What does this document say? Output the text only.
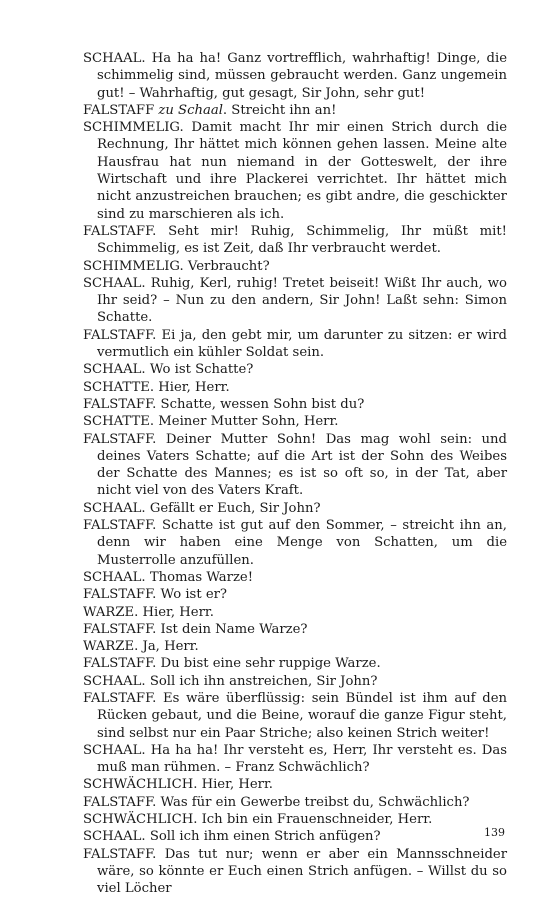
SCHAAL. Ha ha ha! Ganz vortrefflich, wahrhaftig! Dinge, die schimmelig sind, müssen gebraucht werden. Ganz ungemein gut! – Wahrhaftig, gut gesagt, Sir John, sehr gut!

FALSTAFF zu Schaal. Streicht ihn an!

SCHIMMELIG. Damit macht Ihr mir einen Strich durch die Rechnung, Ihr hättet mich können gehen lassen. Meine alte Hausfrau hat nun niemand in der Gotteswelt, der ihre Wirtschaft und ihre Plackerei verrichtet. Ihr hättet mich nicht anzustreichen brauchen; es gibt andre, die geschickter sind zu marschieren als ich.

FALSTAFF. Seht mir! Ruhig, Schimmelig, Ihr müßt mit! Schimmelig, es ist Zeit, daß Ihr verbraucht werdet.

SCHIMMELIG. Verbraucht?

SCHAAL. Ruhig, Kerl, ruhig! Tretet beiseit! Wißt Ihr auch, wo Ihr seid? – Nun zu den andern, Sir John! Laßt sehn: Simon Schatte.

FALSTAFF. Ei ja, den gebt mir, um darunter zu sitzen: er wird vermutlich ein kühler Soldat sein.

SCHAAL. Wo ist Schatte?

SCHATTE. Hier, Herr.

FALSTAFF. Schatte, wessen Sohn bist du?

SCHATTE. Meiner Mutter Sohn, Herr.

FALSTAFF. Deiner Mutter Sohn! Das mag wohl sein: und deines Vaters Schatte; auf die Art ist der Sohn des Weibes der Schatte des Mannes; es ist so oft so, in der Tat, aber nicht viel von des Vaters Kraft.

SCHAAL. Gefällt er Euch, Sir John?

FALSTAFF. Schatte ist gut auf den Sommer, – streicht ihn an, denn wir haben eine Menge von Schatten, um die Musterrolle anzufüllen.

SCHAAL. Thomas Warze!

FALSTAFF. Wo ist er?

WARZE. Hier, Herr.

FALSTAFF. Ist dein Name Warze?

WARZE. Ja, Herr.

FALSTAFF. Du bist eine sehr ruppige Warze.

SCHAAL. Soll ich ihn anstreichen, Sir John?

FALSTAFF. Es wäre überflüssig: sein Bündel ist ihm auf den Rücken gebaut, und die Beine, worauf die ganze Figur steht, sind selbst nur ein Paar Striche; also keinen Strich weiter!

SCHAAL. Ha ha ha! Ihr versteht es, Herr, Ihr versteht es. Das muß man rühmen. – Franz Schwächlich?

SCHWÄCHLICH. Hier, Herr.

FALSTAFF. Was für ein Gewerbe treibst du, Schwächlich?

SCHWÄCHLICH. Ich bin ein Frauenschneider, Herr.

SCHAAL. Soll ich ihm einen Strich anfügen?

FALSTAFF. Das tut nur; wenn er aber ein Mannsschneider wäre, so könnte er Euch einen Strich anfügen. – Willst du so viel Löcher

139
